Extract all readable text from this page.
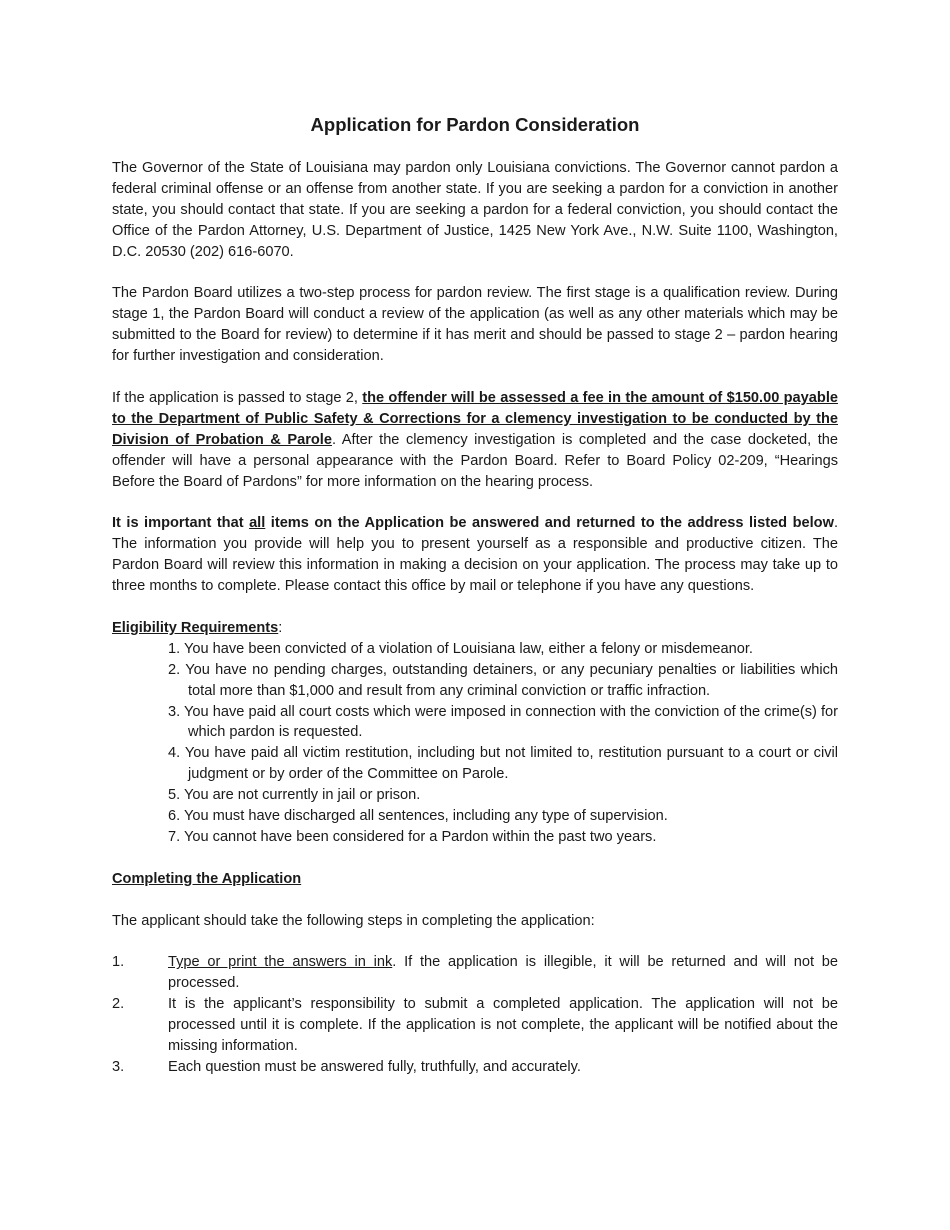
Application for Pardon Consideration

The Governor of the State of Louisiana may pardon only Louisiana convictions. The Governor cannot pardon a federal criminal offense or an offense from another state. If you are seeking a pardon for a conviction in another state, you should contact that state. If you are seeking a pardon for a federal conviction, you should contact the Office of the Pardon Attorney, U.S. Department of Justice, 1425 New York Ave., N.W. Suite 1100, Washington, D.C. 20530 (202) 616-6070.

The Pardon Board utilizes a two-step process for pardon review. The first stage is a qualification review. During stage 1, the Pardon Board will conduct a review of the application (as well as any other materials which may be submitted to the Board for review) to determine if it has merit and should be passed to stage 2 – pardon hearing for further investigation and consideration.

If the application is passed to stage 2, the offender will be assessed a fee in the amount of $150.00 payable to the Department of Public Safety & Corrections for a clemency investigation to be conducted by the Division of Probation & Parole. After the clemency investigation is completed and the case docketed, the offender will have a personal appearance with the Pardon Board. Refer to Board Policy 02-209, “Hearings Before the Board of Pardons” for more information on the hearing process.

It is important that all items on the Application be answered and returned to the address listed below. The information you provide will help you to present yourself as a responsible and productive citizen. The Pardon Board will review this information in making a decision on your application. The process may take up to three months to complete. Please contact this office by mail or telephone if you have any questions.

Eligibility Requirements:

1. You have been convicted of a violation of Louisiana law, either a felony or misdemeanor.
2. You have no pending charges, outstanding detainers, or any pecuniary penalties or liabilities which total more than $1,000 and result from any criminal conviction or traffic infraction.
3. You have paid all court costs which were imposed in connection with the conviction of the crime(s) for which pardon is requested.
4. You have paid all victim restitution, including but not limited to, restitution pursuant to a court or civil judgment or by order of the Committee on Parole.
5. You are not currently in jail or prison.
6. You must have discharged all sentences, including any type of supervision.
7. You cannot have been considered for a Pardon within the past two years.

Completing the Application

The applicant should take the following steps in completing the application:

1.	Type or print the answers in ink. If the application is illegible, it will be returned and will not be processed.
2.	It is the applicant’s responsibility to submit a completed application. The application will not be processed until it is complete. If the application is not complete, the applicant will be notified about the missing information.
3.	Each question must be answered fully, truthfully, and accurately.
